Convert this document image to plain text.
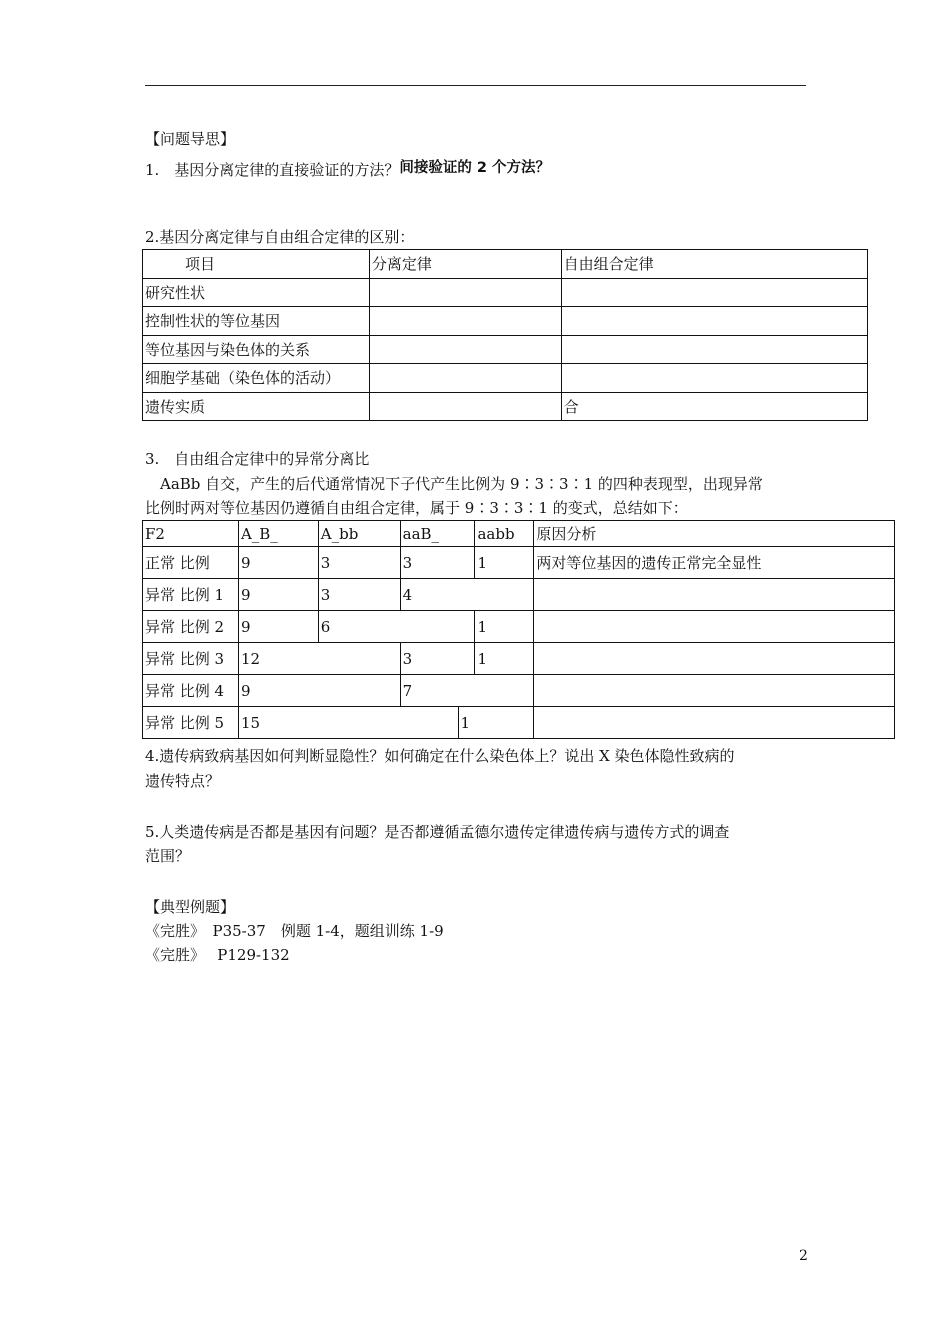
【问题导思】
1.　基因分离定律的直接验证的方法？间接验证的 2 个方法？
2.基因分离定律与自由组合定律的区别：
项目	分离定律	自由组合定律
研究性状		
控制性状的等位基因		
等位基因与染色体的关系		
细胞学基础（染色体的活动）		
遗传实质		合
3.　自由组合定律中的异常分离比
AaBb 自交，产生的后代通常情况下子代产生比例为 9∶3∶3∶1 的四种表现型，出现异常
比例时两对等位基因仍遵循自由组合定律，属于 9∶3∶3∶1 的变式，总结如下：
F2	A_B_	A_bb	aaB_		aabb	原因分析
正常 比例	9	3	3		1	两对等位基因的遗传正常完全显性
异常 比例 1	9	3	4			
异常 比例 2	9	6			1	
异常 比例 3	12		3		1	
异常 比例 4	9		7			
异常 比例 5	15			1		
4.遗传病致病基因如何判断显隐性？如何确定在什么染色体上？说出 X 染色体隐性致病的
遗传特点？
5.人类遗传病是否都是基因有问题？是否都遵循孟德尔遗传定律遗传病与遗传方式的调查
范围？
【典型例题】
《完胜》　P35-37　例题 1-4，题组训练 1-9
《完胜》　 P129-132
2
